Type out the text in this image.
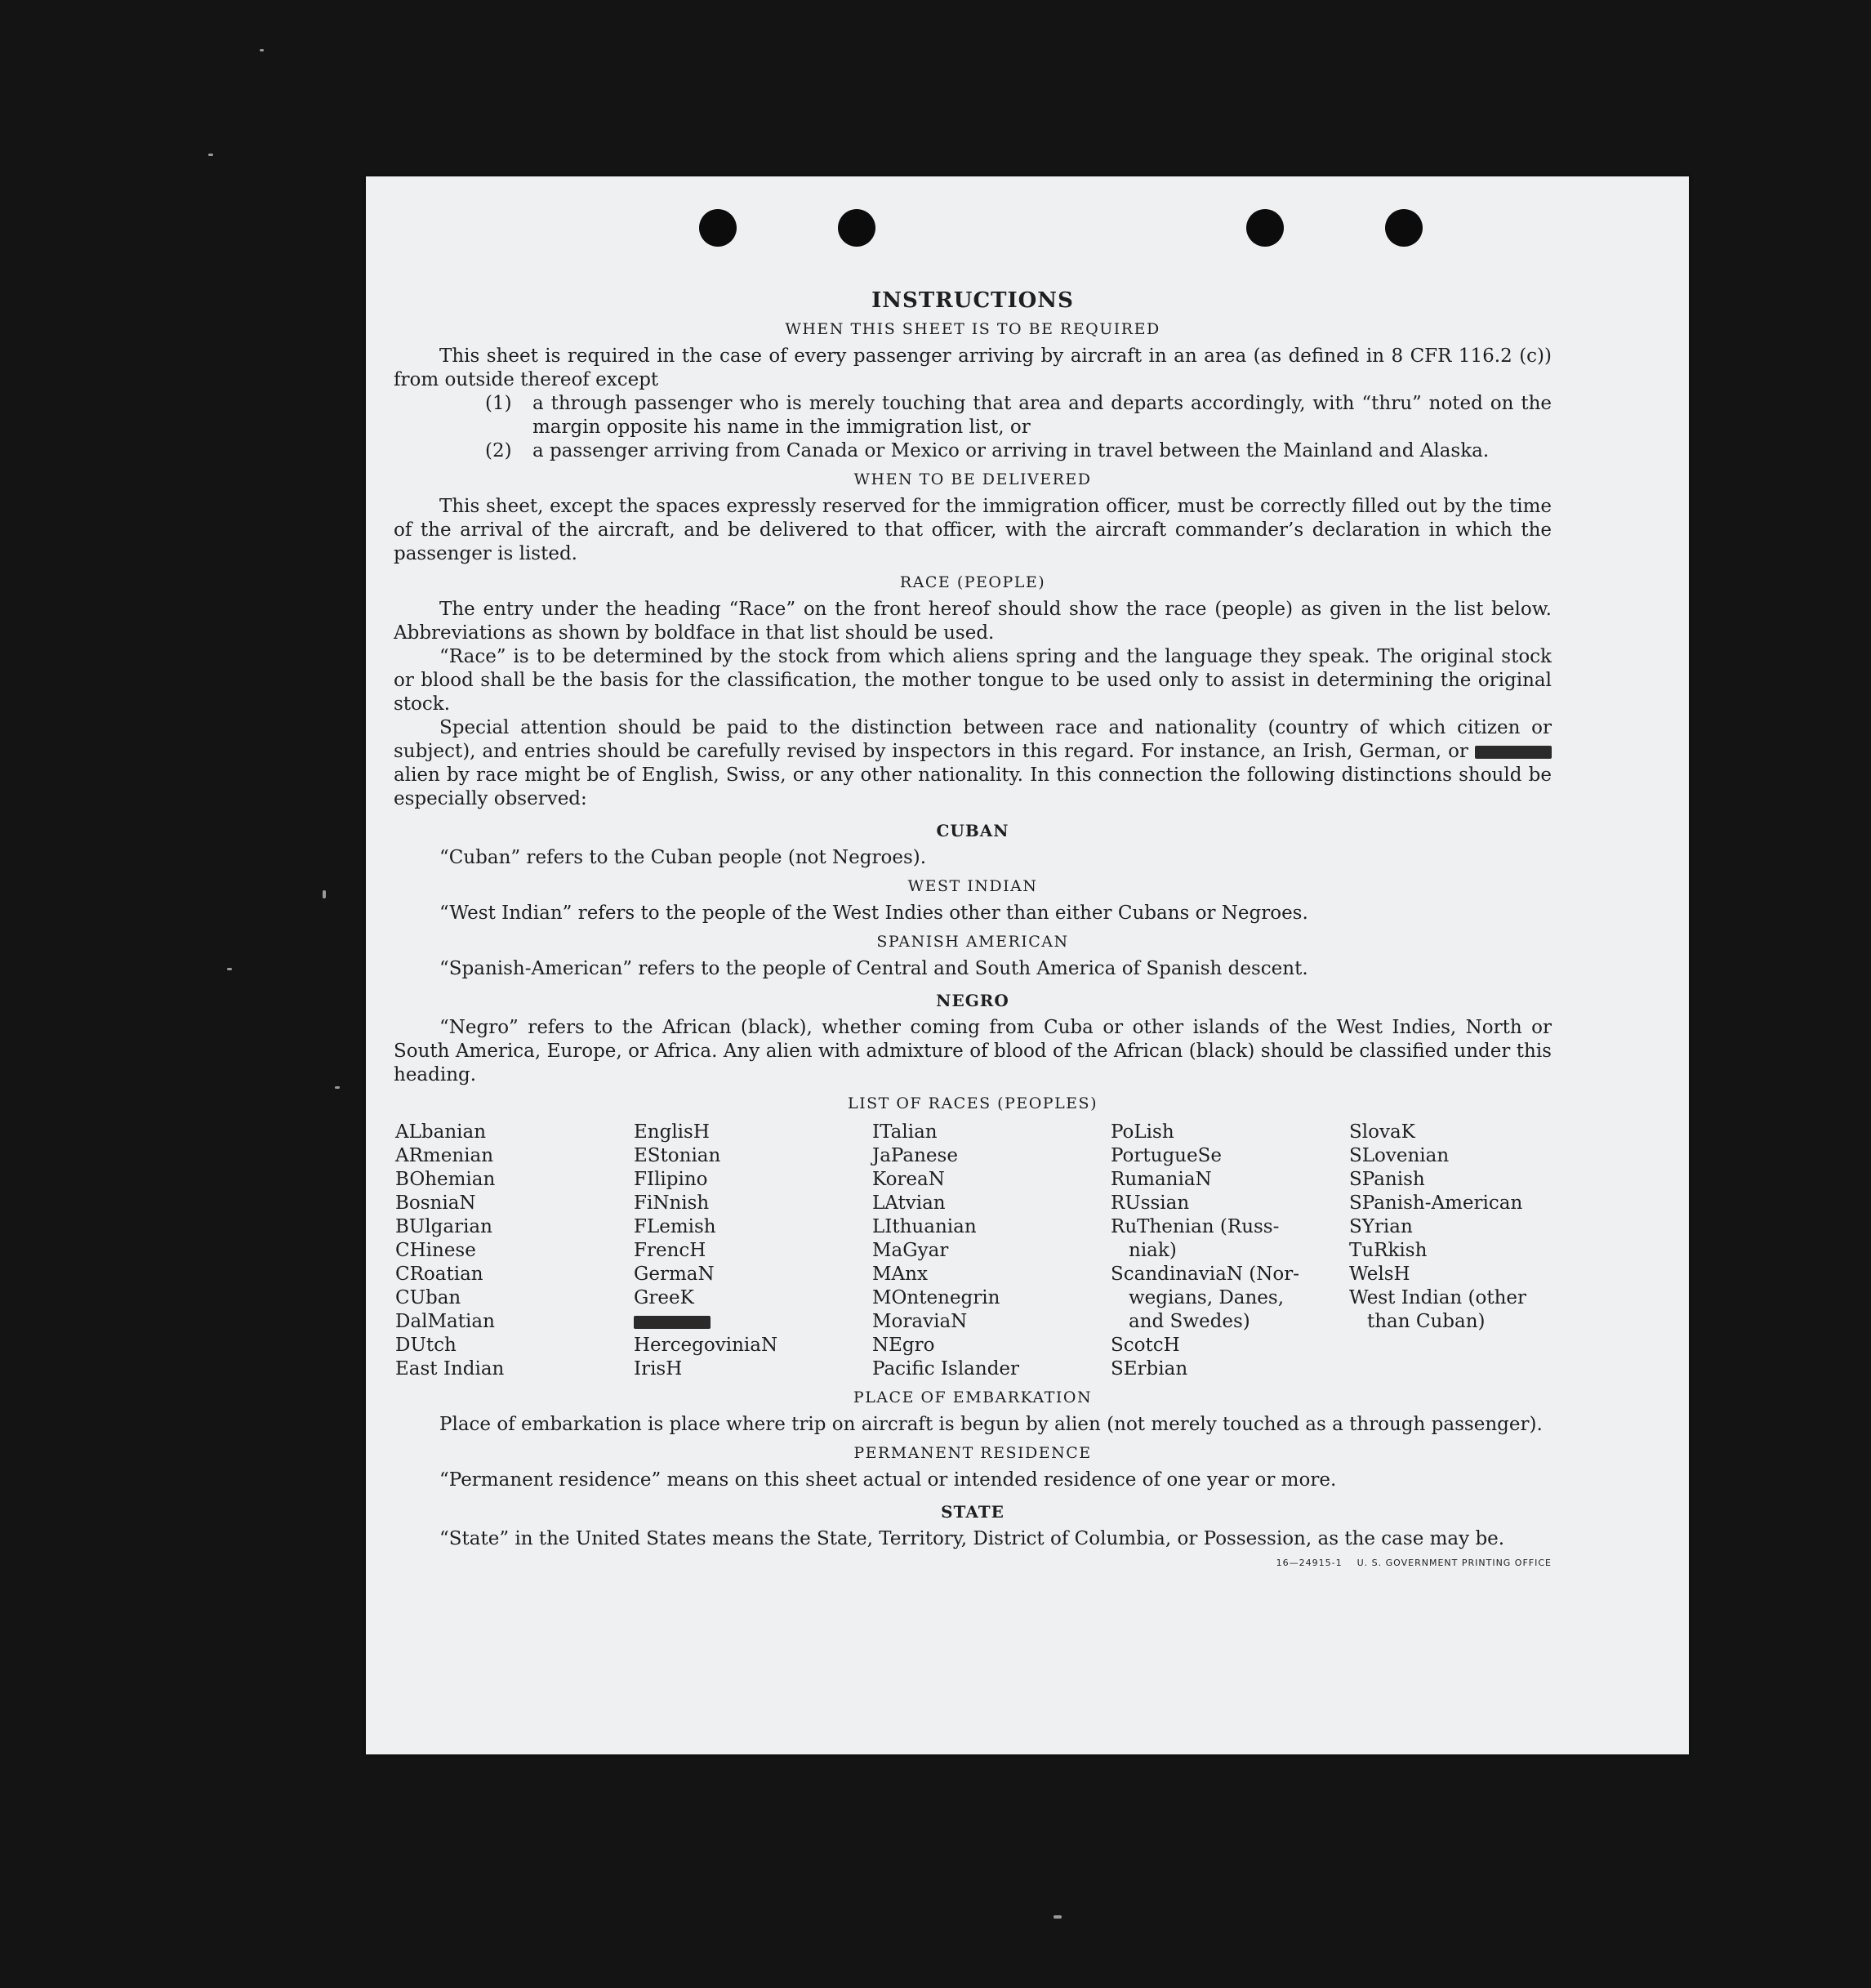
INSTRUCTIONS
WHEN THIS SHEET IS TO BE REQUIRED

This sheet is required in the case of every passenger arriving by aircraft in an area (as defined in 8 CFR 116.2 (c)) from outside thereof except

(1)	a through passenger who is merely touching that area and departs accordingly, with “thru” noted on the margin opposite his name in the immigration list, or
(2)	a passenger arriving from Canada or Mexico or arriving in travel between the Mainland and Alaska.
WHEN TO BE DELIVERED

This sheet, except the spaces expressly reserved for the immigration officer, must be correctly filled out by the time of the arrival of the aircraft, and be delivered to that officer, with the aircraft commander’s declaration in which the passenger is listed.

RACE (PEOPLE)

The entry under the heading “Race” on the front hereof should show the race (people) as given in the list below. Abbreviations as shown by boldface in that list should be used.

“Race” is to be determined by the stock from which aliens spring and the language they speak. The original stock or blood shall be the basis for the classification, the mother tongue to be used only to assist in determining the original stock.

Special attention should be paid to the distinction between race and nationality (country of which citizen or subject), and entries should be carefully revised by inspectors in this regard. For instance, an Irish, German, or  alien by race might be of English, Swiss, or any other nationality. In this connection the following distinctions should be especially observed:

CUBAN

“Cuban” refers to the Cuban people (not Negroes).

WEST INDIAN

“West Indian” refers to the people of the West Indies other than either Cubans or Negroes.

SPANISH AMERICAN

“Spanish-American” refers to the people of Central and South America of Spanish descent.

NEGRO

“Negro” refers to the African (black), whether coming from Cuba or other islands of the West Indies, North or South America, Europe, or Africa. Any alien with admixture of blood of the African (black) should be classified under this heading.

LIST OF RACES (PEOPLES)
ALbanian
ARmenian
BOhemian
BosniaN
BUlgarian
CHinese
CRoatian
CUban
DalMatian
DUtch
East Indian
EnglisH
EStonian
FIlipino
FiNnish
FLemish
FrencH
GermaN
GreeK
HercegoviniaN
IrisH
ITalian
JaPanese
KoreaN
LAtvian
LIthuanian
MaGyar
MAnx
MOntenegrin
MoraviaN
NEgro
Pacific Islander
PoLish
PortugueSe
RumaniaN
RUssian
RuThenian (Russ-
niak)
ScandinaviaN (Nor-
wegians, Danes,
and Swedes)
ScotcH
SErbian
SlovaK
SLovenian
SPanish
SPanish-American
SYrian
TuRkish
WelsH
West Indian (other
than Cuban)
PLACE OF EMBARKATION

Place of embarkation is place where trip on aircraft is begun by alien (not merely touched as a through passenger).

PERMANENT RESIDENCE

“Permanent residence” means on this sheet actual or intended residence of one year or more.

STATE

“State” in the United States means the State, Territory, District of Columbia, or Possession, as the case may be.

16—24915-1 U. S. GOVERNMENT PRINTING OFFICE
